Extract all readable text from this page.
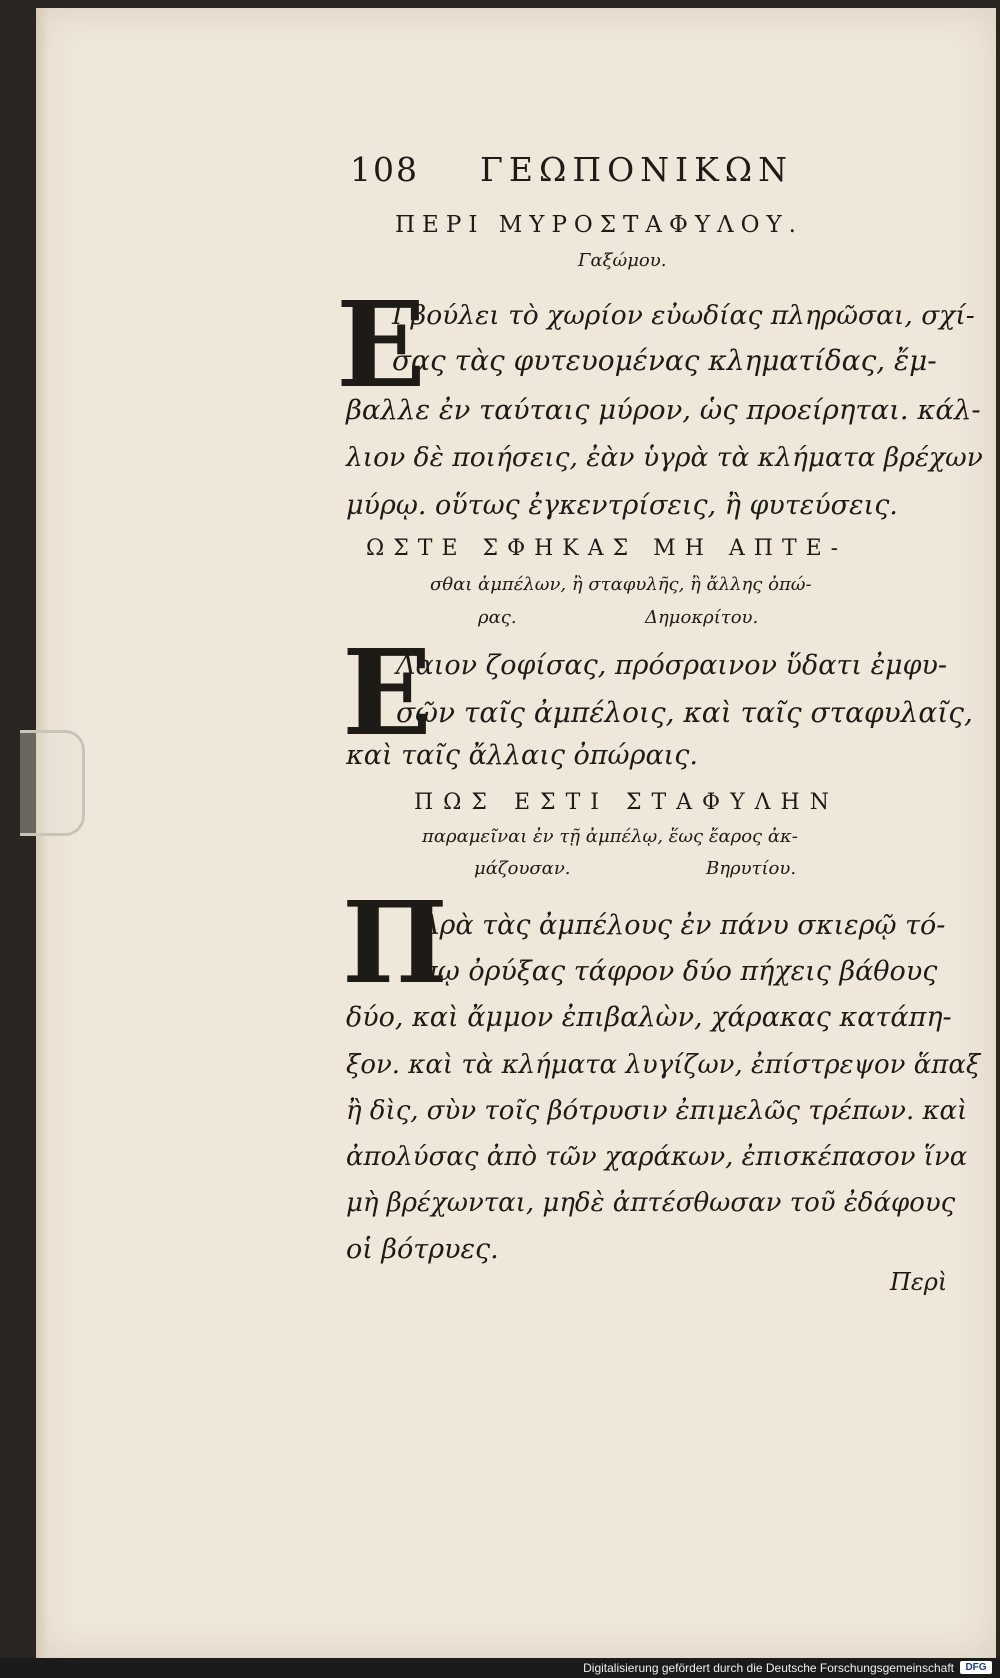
108 ΓΕΩΠΟΝΙΚΩΝ
ΠΕΡΙ ΜΥΡΟΣΤΑΦΥΛΟΥ.
Γαξώμου.
E
Ι βούλει τὸ χωρίον εὐωδίας πληρῶσαι, σχί-
σας τὰς φυτευομένας κληματίδας, ἔμ-
βαλλε ἐν ταύταις μύρον, ὡς προείρηται. κάλ-
λιον δὲ ποιήσεις, ἐὰν ὑγρὰ τὰ κλήματα βρέχων
μύρῳ. οὕτως ἐγκεντρίσεις, ἢ φυτεύσεις.
ΩΣΤΕ ΣΦΗΚΑΣ ΜΗ ΑΠΤΕ-
σθαι ἀμπέλων, ἢ σταφυλῆς, ἢ ἄλλης ὀπώ-
ρας.	Δημοκρίτου.
E
Λαιον ζοφίσας, πρόσραινον ὕδατι ἐμφυ-
σῶν ταῖς ἀμπέλοις, καὶ ταῖς σταφυλαῖς,
καὶ ταῖς ἄλλαις ὀπώραις.
ΠΩΣ ΕΣΤΙ ΣΤΑΦΥΛΗΝ
παραμεῖναι ἐν τῇ ἀμπέλῳ, ἕως ἔαρος ἀκ-
μάζουσαν.	Βηρυτίου.
Π
Αρὰ τὰς ἀμπέλους ἐν πάνυ σκιερῷ τό-
πῳ ὀρύξας τάφρον δύο πήχεις βάθους
δύο, καὶ ἄμμον ἐπιβαλὼν, χάρακας κατάπη-
ξον. καὶ τὰ κλήματα λυγίζων, ἐπίστρεψον ἅπαξ
ἢ δὶς, σὺν τοῖς βότρυσιν ἐπιμελῶς τρέπων. καὶ
ἀπολύσας ἀπὸ τῶν χαράκων, ἐπισκέπασον ἵνα
μὴ βρέχωνται, μηδὲ ἀπτέσθωσαν τοῦ ἐδάφους
οἱ βότρυες.
Περὶ
Digitalisierung gefördert durch die Deutsche Forschungsgemeinschaft	DFG
